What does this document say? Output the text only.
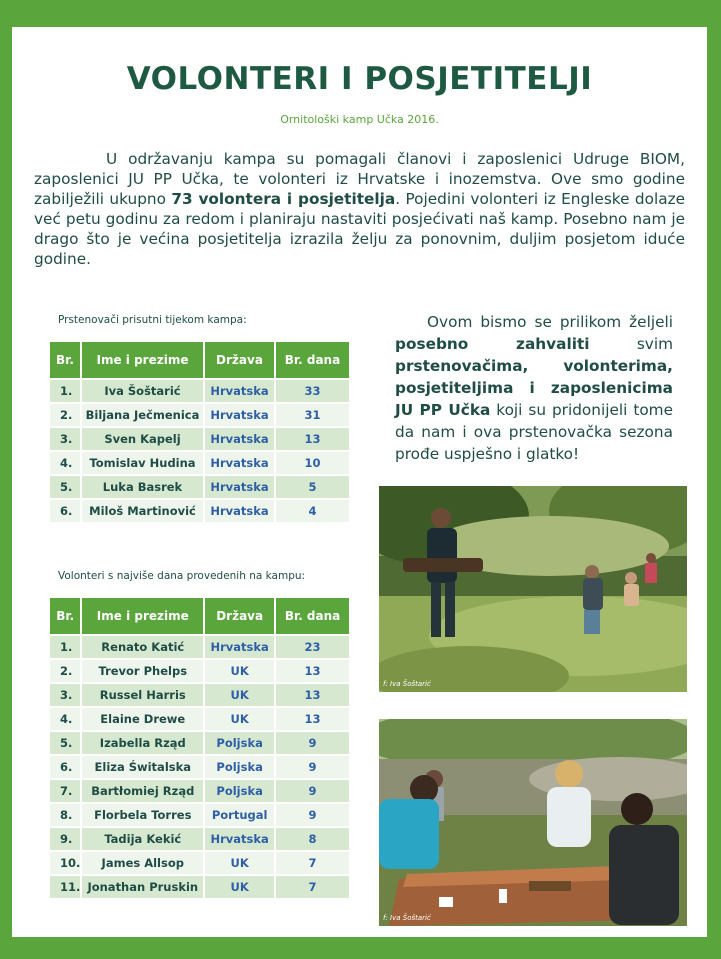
VOLONTERI I POSJETITELJI
Ornitološki kamp Učka 2016.
U održavanju kampa su pomagali članovi i zaposlenici Udruge BIOM, zaposlenici JU PP Učka, te volonteri iz Hrvatske i inozemstva. Ove smo godine zabilježili ukupno 73 volontera i posjetitelja. Pojedini volonteri iz Engleske dolaze već petu godinu za redom i planiraju nastaviti posjećivati naš kamp. Posebno nam je drago što je većina posjetitelja izrazila želju za ponovnim, duljim posjetom iduće godine.
Prstenovači prisutni tijekom kampa:
Br.	Ime i prezime	Država	Br. dana
1.	Iva Šoštarić	Hrvatska	33
2.	Biljana Ječmenica	Hrvatska	31
3.	Sven Kapelj	Hrvatska	13
4.	Tomislav Hudina	Hrvatska	10
5.	Luka Basrek	Hrvatska	5
6.	Miloš Martinović	Hrvatska	4
Volonteri s najviše dana provedenih na kampu:
Br.	Ime i prezime	Država	Br. dana
1.	Renato Katić	Hrvatska	23
2.	Trevor Phelps	UK	13
3.	Russel Harris	UK	13
4.	Elaine Drewe	UK	13
5.	Izabella Rząd	Poljska	9
6.	Eliza Świtalska	Poljska	9
7.	Bartłomiej Rząd	Poljska	9
8.	Florbela Torres	Portugal	9
9.	Tadija Kekić	Hrvatska	8
10.	James Allsop	UK	7
11.	Jonathan Pruskin	UK	7
Ovom bismo se prilikom željeli posebno zahvaliti svim prstenovačima, volonterima, posjetiteljima i zaposlenicima JU PP Učka koji su pridonijeli tome da nam i ova prstenovačka sezona prođe uspješno i glatko!
f: Iva Šoštarić
f: Iva Šoštarić
